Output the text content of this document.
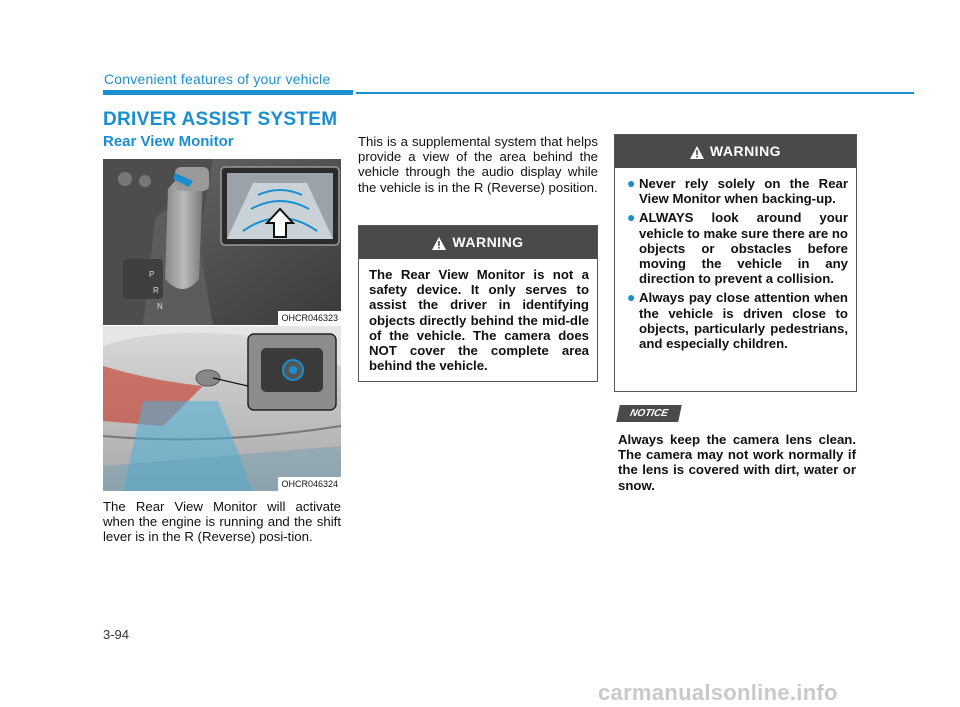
Convenient features of your vehicle
DRIVER ASSIST SYSTEM
Rear View Monitor
P
R
N
OHCR046323
OHCR046324
The Rear View Monitor will activate when the engine is running and the shift lever is in the R (Reverse) posi-tion.
This is a supplemental system that helps provide a view of the area behind the vehicle through the audio display while the vehicle is in the R (Reverse) position.
WARNING
The Rear View Monitor is not a safety device. It only serves to assist the driver in identifying objects directly behind the mid-dle of the vehicle. The camera does NOT cover the complete area behind the vehicle.
WARNING
● Never rely solely on the Rear View Monitor when backing-up.
● ALWAYS look around your vehicle to make sure there are no objects or obstacles before moving the vehicle in any direction to prevent a collision.
● Always pay close attention when the vehicle is driven close to objects, particularly pedestrians, and especially children.
NOTICE
Always keep the camera lens clean. The camera may not work normally if the lens is covered with dirt, water or snow.
3-94
carmanualsonline.info
